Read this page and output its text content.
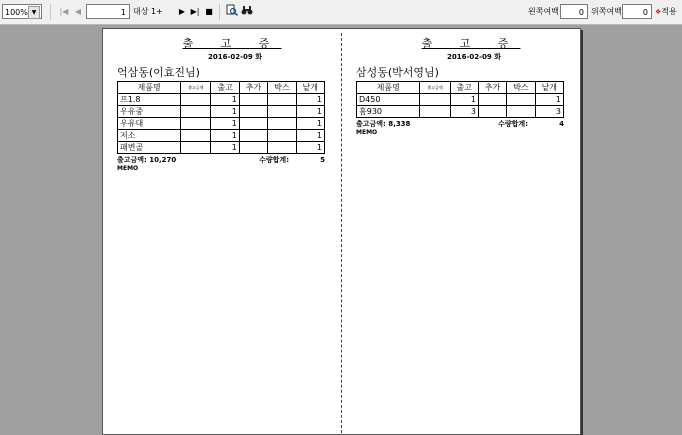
100% ▼	|◀ ◀	1 대상 1+	▶ ▶| ■	왼쪽여백	0 위쪽여백	0	❖적용
출 고 증
2016-02-09 화
억삼동(이효진님)
제품명	출고금액	출고	추가	박스	낱개
프1.8		1			1
우유중		1			1
우유대		1			1
저소		1			1
패변골		1			1
출고금액: 10,270	수량합계:	5
MEMO
출 고 증
2016-02-09 화
삼성동(박서영님)
제품명	출고금액	출고	추가	박스	낱개
D450		1			1
홈930		3			3
출고금액: 8,338	수량합계:	4
MEMO
